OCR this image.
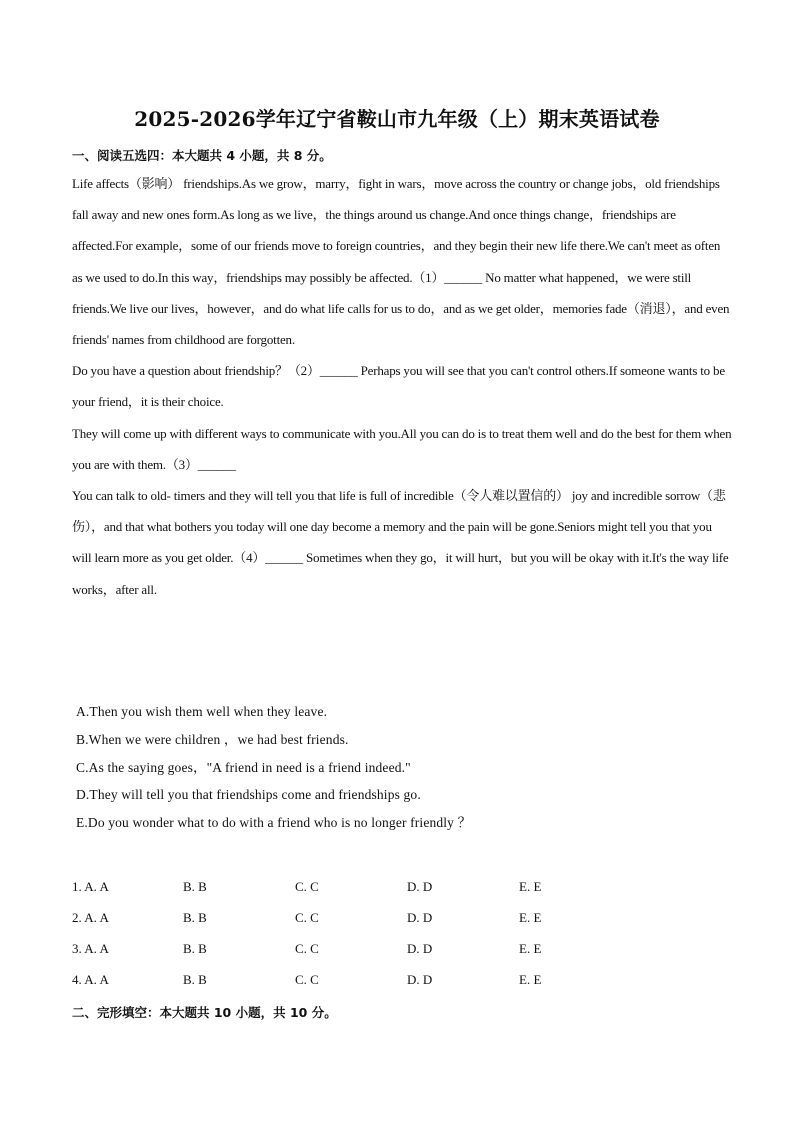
2025-2026学年辽宁省鞍山市九年级（上）期末英语试卷
一、阅读五选四：本大题共 4 小题，共 8 分。

Life affects（影响） friendships.As we grow，marry，fight in wars，move across the country or change jobs，old friendships fall away and new ones form.As long as we live，the things around us change.And once things change，friendships are affected.For example，some of our friends move to foreign countries，and they begin their new life there.We can't meet as often as we used to do.In this way，friendships may possibly be affected.（1）______ No matter what happened，we were still friends.We live our lives，however，and do what life calls for us to do，and as we get older，memories fade（消退），and even friends' names from childhood are forgotten.

Do you have a question about friendship？（2）______ Perhaps you will see that you can't control others.If someone wants to be your friend，it is their choice.

They will come up with different ways to communicate with you.All you can do is to treat them well and do the best for them when you are with them.（3）______

You can talk to old- timers and they will tell you that life is full of incredible（令人难以置信的） joy and incredible sorrow（悲伤），and that what bothers you today will one day become a memory and the pain will be gone.Seniors might tell you that you will learn more as you get older.（4）______ Sometimes when they go，it will hurt，but you will be okay with it.It's the way life works，after all.

A.Then you wish them well when they leave.
B.When we were children ，we had best friends.
C.As the saying goes，"A friend in need is a friend indeed."
D.They will tell you that friendships come and friendships go.
E.Do you wonder what to do with a friend who is no longer friendly ？
1. A. A	B. B	C. C	D. D	E. E
2. A. A	B. B	C. C	D. D	E. E
3. A. A	B. B	C. C	D. D	E. E
4. A. A	B. B	C. C	D. D	E. E
二、完形填空：本大题共 10 小题，共 10 分。
